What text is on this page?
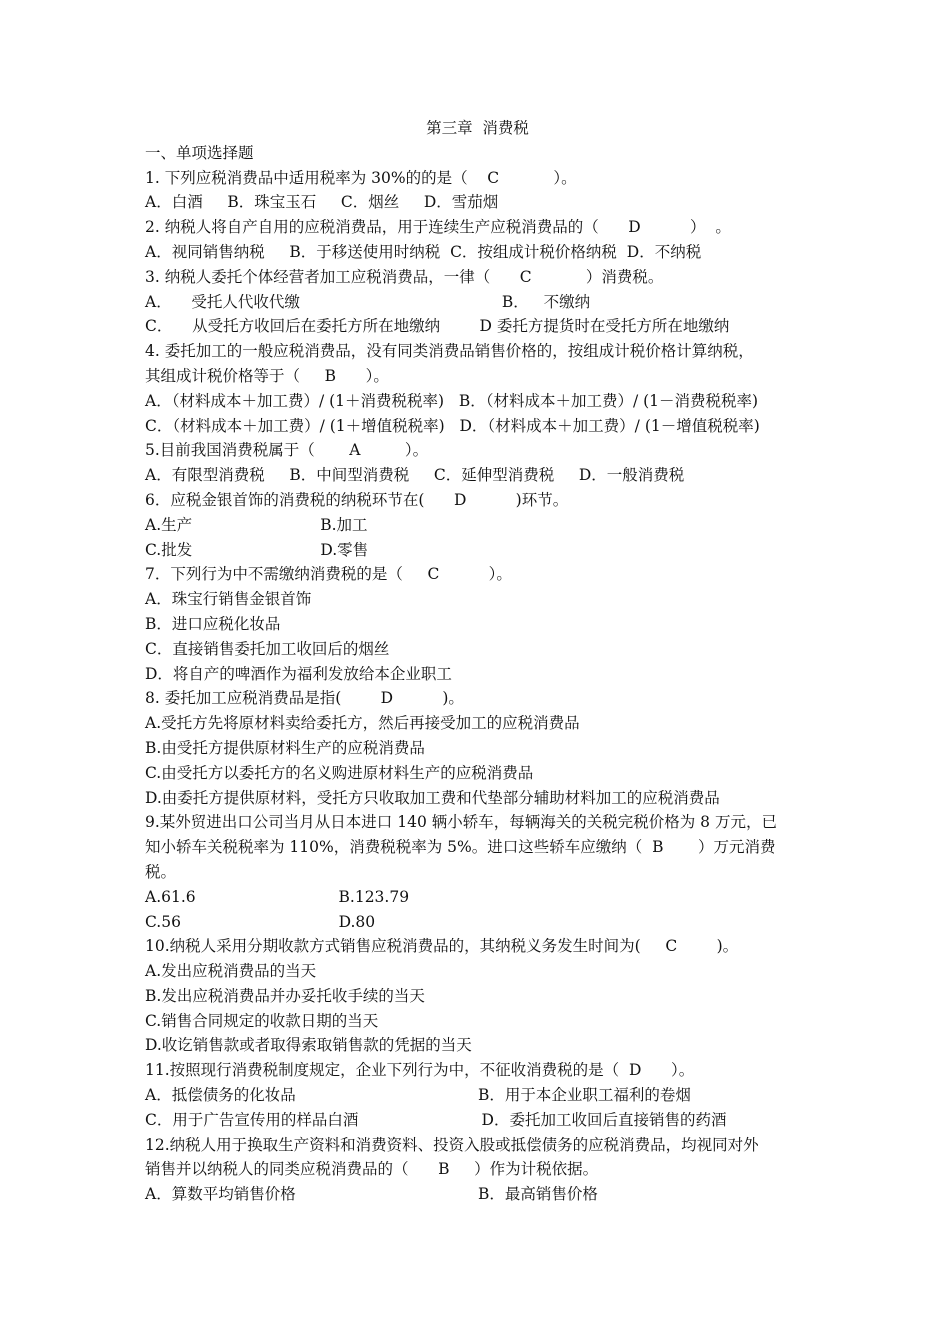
第三章  消费税
一、单项选择题
1. 下列应税消费品中适用税率为 30%的的是（    C           ）。
A．白酒     B．珠宝玉石     C．烟丝     D．雪茄烟
2. 纳税人将自产自用的应税消费品，用于连续生产应税消费品的（      D          ）  。
A．视同销售纳税     B．于移送使用时纳税  C．按组成计税价格纳税  D．不纳税
3. 纳税人委托个体经营者加工应税消费品，一律（      C           ）消费税。
A．    受托人代收代缴                                         B．   不缴纳
C．    从受托方收回后在委托方所在地缴纳        D 委托方提货时在受托方所在地缴纳
4. 委托加工的一般应税消费品，没有同类消费品销售价格的，按组成计税价格计算纳税，
其组成计税价格等于（     B      ）。
A．（材料成本＋加工费）/ (1＋消费税税率)   B．（材料成本＋加工费）/ (1－消费税税率)
C．（材料成本＋加工费）/ (1＋增值税税率)   D．（材料成本＋加工费）/ (1－增值税税率)
5.目前我国消费税属于（       A         ）。
A．有限型消费税     B．中间型消费税     C．延伸型消费税     D．一般消费税
6．应税金银首饰的消费税的纳税环节在(      D          )环节。
A.生产                          B.加工
C.批发                          D.零售
7．下列行为中不需缴纳消费税的是（     C          ）。
A．珠宝行销售金银首饰
B．进口应税化妆品
C．直接销售委托加工收回后的烟丝
D．将自产的啤酒作为福利发放给本企业职工
8. 委托加工应税消费品是指(        D          )。
A.受托方先将原材料卖给委托方，然后再接受加工的应税消费品
B.由受托方提供原材料生产的应税消费品
C.由受托方以委托方的名义购进原材料生产的应税消费品
D.由委托方提供原材料，受托方只收取加工费和代垫部分辅助材料加工的应税消费品
9.某外贸进出口公司当月从日本进口 140 辆小轿车，每辆海关的关税完税价格为 8 万元，已
知小轿车关税税率为 110%，消费税税率为 5%。进口这些轿车应缴纳（  B       ）万元消费
税。
A.61.6                             B.123.79
C.56                                D.80
10.纳税人采用分期收款方式销售应税消费品的，其纳税义务发生时间为(     C        )。
A.发出应税消费品的当天
B.发出应税消费品并办妥托收手续的当天
C.销售合同规定的收款日期的当天
D.收讫销售款或者取得索取销售款的凭据的当天
11.按照现行消费税制度规定，企业下列行为中，不征收消费税的是（  D      ）。
A．抵偿债务的化妆品                                     B．用于本企业职工福利的卷烟
C．用于广告宣传用的样品白酒                         D．委托加工收回后直接销售的药酒
12.纳税人用于换取生产资料和消费资料、投资入股或抵偿债务的应税消费品，均视同对外
销售并以纳税人的同类应税消费品的（      B     ）作为计税依据。
A．算数平均销售价格                                     B．最高销售价格
